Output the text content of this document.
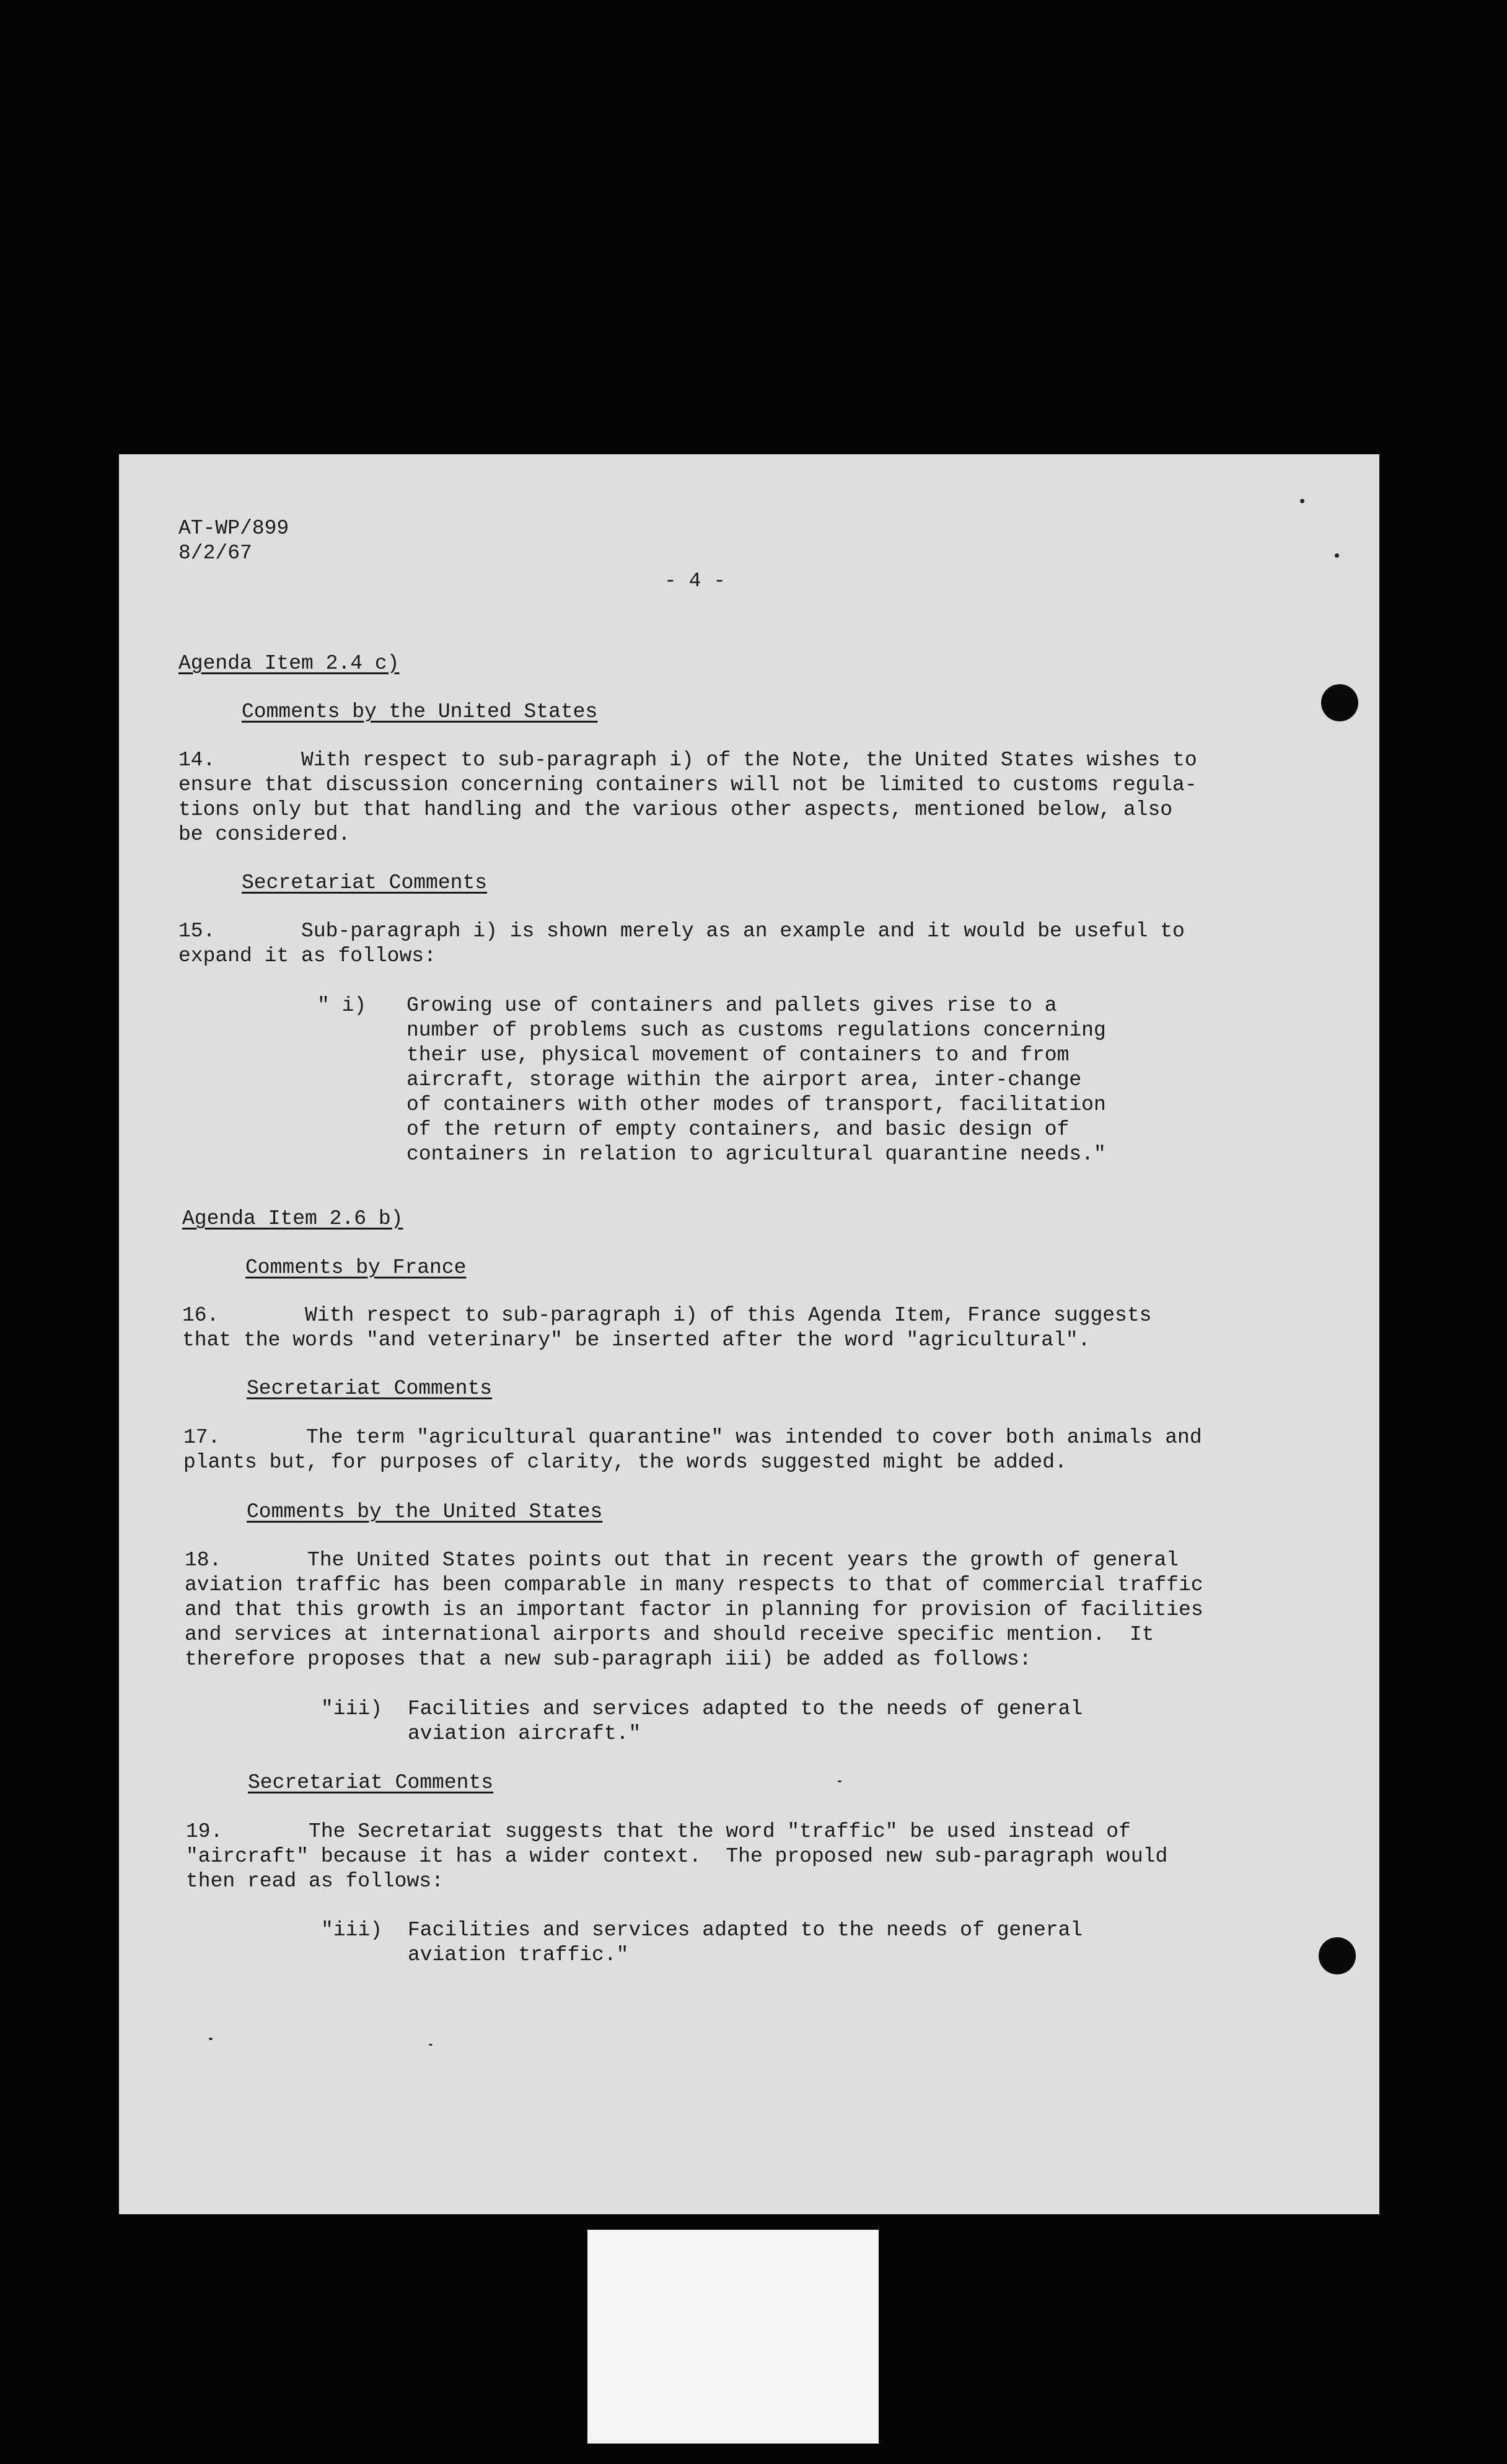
AT-WP/899
8/2/67
- 4 -
Agenda Item 2.4 c)
Comments by the United States
14.       With respect to sub-paragraph i) of the Note, the United States wishes to
ensure that discussion concerning containers will not be limited to customs regula-
tions only but that handling and the various other aspects, mentioned below, also
be considered.
Secretariat Comments
15.       Sub-paragraph i) is shown merely as an example and it would be useful to
expand it as follows:
" i) Growing use of containers and pallets gives rise to a
number of problems such as customs regulations concerning
their use, physical movement of containers to and from
aircraft, storage within the airport area, inter-change
of containers with other modes of transport, facilitation
of the return of empty containers, and basic design of
containers in relation to agricultural quarantine needs."
Agenda Item 2.6 b)
Comments by France
16.       With respect to sub-paragraph i) of this Agenda Item, France suggests
that the words "and veterinary" be inserted after the word "agricultural".
Secretariat Comments
17.       The term "agricultural quarantine" was intended to cover both animals and
plants but, for purposes of clarity, the words suggested might be added.
Comments by the United States
18.       The United States points out that in recent years the growth of general
aviation traffic has been comparable in many respects to that of commercial traffic
and that this growth is an important factor in planning for provision of facilities
and services at international airports and should receive specific mention.  It
therefore proposes that a new sub-paragraph iii) be added as follows:
"iii) Facilities and services adapted to the needs of general
aviation aircraft."
Secretariat Comments
19.       The Secretariat suggests that the word "traffic" be used instead of
"aircraft" because it has a wider context.  The proposed new sub-paragraph would
then read as follows:
"iii) Facilities and services adapted to the needs of general
aviation traffic."
